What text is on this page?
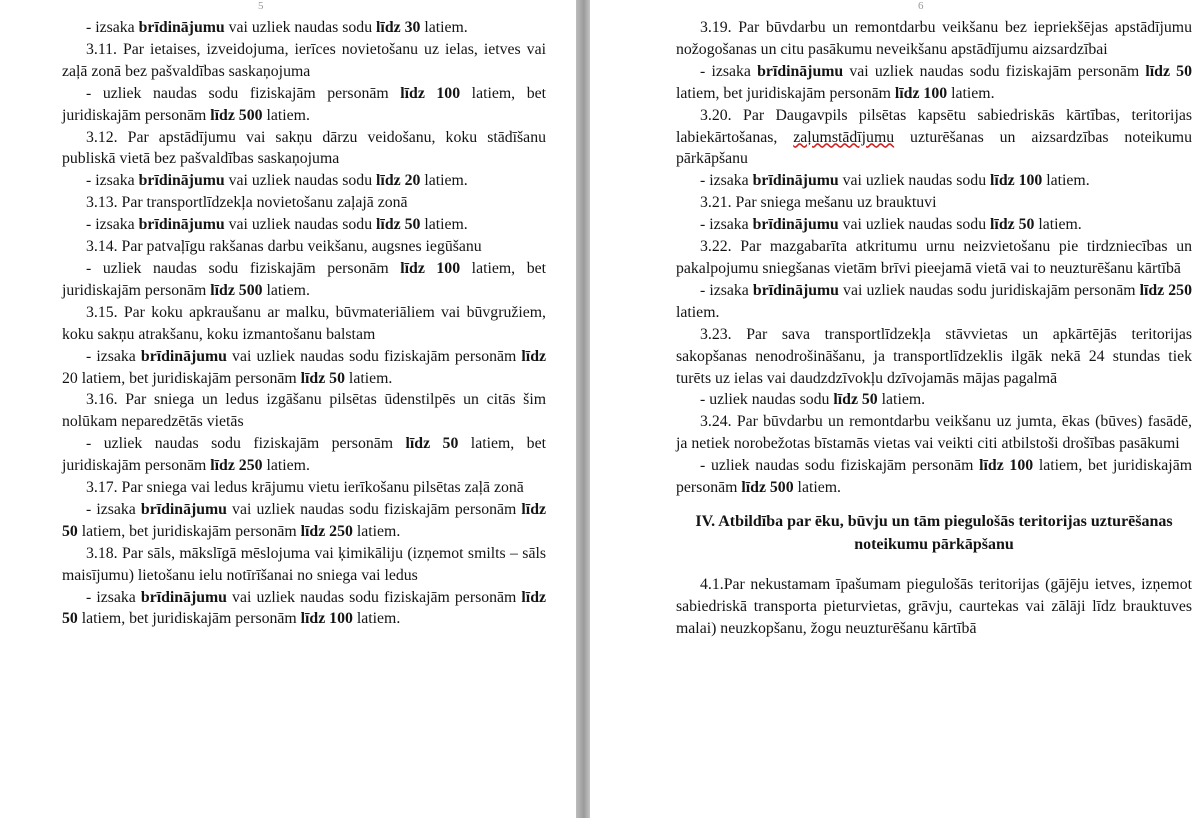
5

- izsaka brīdinājumu vai uzliek naudas sodu līdz 30 latiem.

3.11. Par ietaises, izveidojuma, ierīces novietošanu uz ielas, ietves vai zaļā zonā bez pašvaldības saskaņojuma

- uzliek naudas sodu fiziskajām personām līdz 100 latiem, bet juridiskajām personām līdz 500 latiem.

3.12. Par apstādījumu vai sakņu dārzu veidošanu, koku stādīšanu publiskā vietā bez pašvaldības saskaņojuma

- izsaka brīdinājumu vai uzliek naudas sodu līdz 20 latiem.

3.13. Par transportlīdzekļa novietošanu zaļajā zonā

- izsaka brīdinājumu vai uzliek naudas sodu līdz 50 latiem.

3.14. Par patvaļīgu rakšanas darbu veikšanu, augsnes iegūšanu

- uzliek naudas sodu fiziskajām personām līdz 100 latiem, bet juridiskajām personām līdz 500 latiem.

3.15. Par koku apkraušanu ar malku, būvmateriāliem vai būvgružiem, koku sakņu atrakšanu, koku izmantošanu balstam

- izsaka brīdinājumu vai uzliek naudas sodu fiziskajām personām līdz 20 latiem, bet juridiskajām personām līdz 50 latiem.

3.16. Par sniega un ledus izgāšanu pilsētas ūdenstilpēs un citās šim nolūkam neparedzētās vietās

- uzliek naudas sodu fiziskajām personām līdz 50 latiem, bet juridiskajām personām līdz 250 latiem.

3.17. Par sniega vai ledus krājumu vietu ierīkošanu pilsētas zaļā zonā

- izsaka brīdinājumu vai uzliek naudas sodu fiziskajām personām līdz 50 latiem, bet juridiskajām personām līdz 250 latiem.

3.18. Par sāls, mākslīgā mēslojuma vai ķimikāliju (izņemot smilts – sāls maisījumu) lietošanu ielu notīrīšanai no sniega vai ledus

- izsaka brīdinājumu vai uzliek naudas sodu fiziskajām personām līdz 50 latiem, bet juridiskajām personām līdz 100 latiem.

6

3.19. Par būvdarbu un remontdarbu veikšanu bez iepriekšējas apstādījumu nožogošanas un citu pasākumu neveikšanu apstādījumu aizsardzībai

- izsaka brīdinājumu vai uzliek naudas sodu fiziskajām personām līdz 50 latiem, bet juridiskajām personām līdz 100 latiem.

3.20. Par Daugavpils pilsētas kapsētu sabiedriskās kārtības, teritorijas labiekārtošanas, zaļumstādījumu uzturēšanas un aizsardzības noteikumu pārkāpšanu

- izsaka brīdinājumu vai uzliek naudas sodu līdz 100 latiem.

3.21. Par sniega mešanu uz brauktuvi

- izsaka brīdinājumu vai uzliek naudas sodu līdz 50 latiem.

3.22. Par mazgabarīta atkritumu urnu neizvietošanu pie tirdzniecības un pakalpojumu sniegšanas vietām brīvi pieejamā vietā vai to neuzturēšanu kārtībā

- izsaka brīdinājumu vai uzliek naudas sodu juridiskajām personām līdz 250 latiem.

3.23. Par sava transportlīdzekļa stāvvietas un apkārtējās teritorijas sakopšanas nenodrošināšanu, ja transportlīdzeklis ilgāk nekā 24 stundas tiek turēts uz ielas vai daudzdzīvokļu dzīvojamās mājas pagalmā

- uzliek naudas sodu līdz 50 latiem.

3.24. Par būvdarbu un remontdarbu veikšanu uz jumta, ēkas (būves) fasādē, ja netiek norobežotas bīstamās vietas vai veikti citi atbilstoši drošības pasākumi

- uzliek naudas sodu fiziskajām personām līdz 100 latiem, bet juridiskajām personām līdz 500 latiem.

IV. Atbildība par ēku, būvju un tām piegulošās teritorijas uzturēšanas noteikumu pārkāpšanu

4.1.Par nekustamam īpašumam piegulošās teritorijas (gājēju ietves, izņemot sabiedriskā transporta pieturvietas, grāvju, caurtekas vai zālāji līdz brauktuves malai) neuzkopšanu, žogu neuzturēšanu kārtībā
